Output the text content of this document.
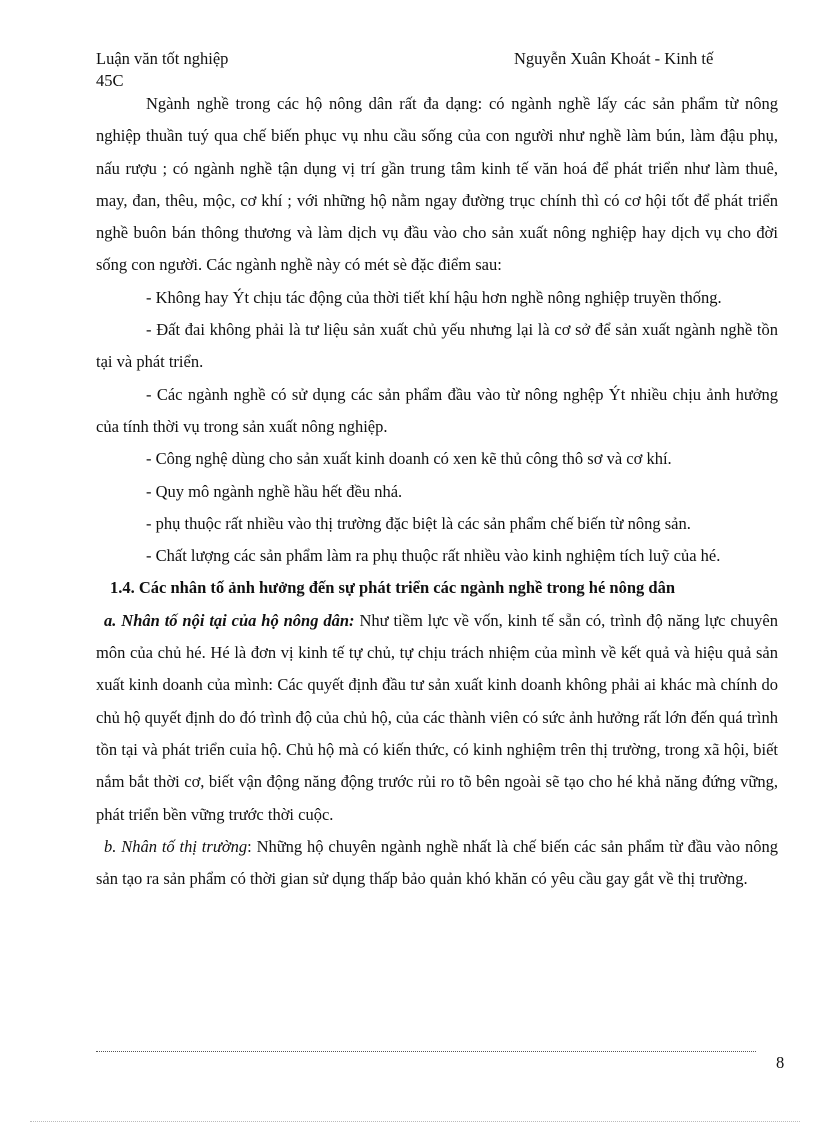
Luận văn tốt nghiệp	Nguyễn Xuân Khoát - Kinh tế
45C

Ngành nghề trong các hộ nông dân rất đa dạng: có ngành nghề lấy các sản phẩm từ nông nghiệp thuần tuý qua chế biến phục vụ nhu cầu sống của con người như nghề làm bún, làm đậu phụ, nấu rượu ; có ngành nghề tận dụng vị trí gần trung tâm kinh tế văn hoá để phát triển như làm thuê, may, đan, thêu, mộc, cơ khí ; với những hộ nằm ngay đường trục chính thì có cơ hội tốt để phát triển nghề buôn bán thông thương và làm dịch vụ đầu vào cho sản xuất nông nghiệp hay dịch vụ cho đời sống con người. Các ngành nghề này có mét sè đặc điểm sau:

- Không hay Ýt chịu tác động của thời tiết khí hậu hơn nghề nông nghiệp truyền thống.

- Đất đai không phải là tư liệu sản xuất chủ yếu nhưng lại là cơ sở để sản xuất ngành nghề tồn tại và phát triển.

- Các ngành nghề có sử dụng các sản phẩm đầu vào từ nông nghệp Ýt nhiều chịu ảnh hưởng của tính thời vụ trong sản xuất nông nghiệp.

- Công nghệ dùng cho sản xuất kinh doanh có xen kẽ thủ công thô sơ và cơ khí.

- Quy mô ngành nghề hầu hết đều nhá.

- phụ thuộc rất nhiều vào thị trường đặc biệt là các sản phẩm chế biến từ nông sản.

- Chất lượng các sản phẩm làm ra phụ thuộc rất nhiều vào kinh nghiệm tích luỹ của hé.

1.4. Các nhân tố ảnh hưởng đến sự phát triển các ngành nghề trong hé nông dân

a. Nhân tố nội tại của hộ nông dân: Như tiềm lực về vốn, kinh tế sẵn có, trình độ năng lực chuyên môn của chủ hé. Hé là đơn vị kinh tế tự chủ, tự chịu trách nhiệm của mình về kết quả và hiệu quả sản xuất kinh doanh của mình: Các quyết định đầu tư sản xuất kinh doanh không phải ai khác mà chính do chủ hộ quyết định do đó trình độ của chủ hộ, của các thành viên có sức ảnh hưởng rất lớn đến quá trình tồn tại và phát triển cuỉa hộ. Chủ hộ mà có kiến thức, có kinh nghiệm trên thị trường, trong xã hội, biết nắm bắt thời cơ, biết vận động năng động trước rủi ro tõ bên ngoài sẽ tạo cho hé khả năng đứng vững, phát triển bền vững trước thời cuộc.

b. Nhân tố thị trường: Những hộ chuyên ngành nghề nhất là chế biến các sản phẩm từ đầu vào nông sản tạo ra sản phẩm có thời gian sử dụng thấp bảo quản khó khăn có yêu cầu gay gắt về thị trường.

8
